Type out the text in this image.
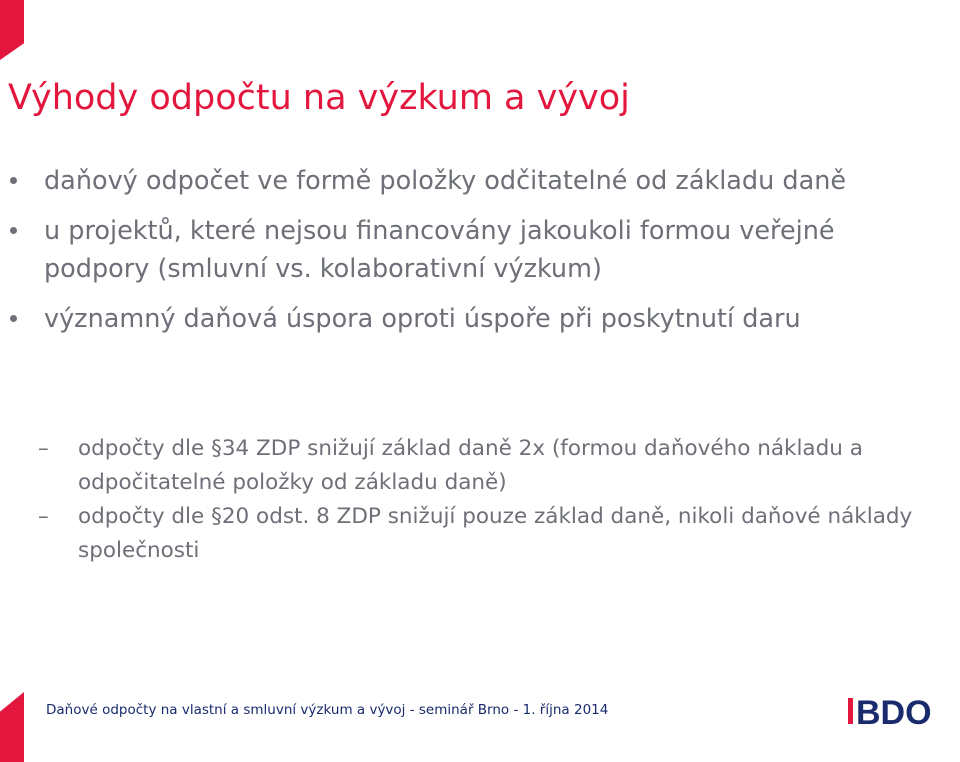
Výhody odpočtu na výzkum a vývoj
daňový odpočet ve formě položky odčitatelné od základu daně
u projektů, které nejsou financovány jakoukoli formou veřejné podpory (smluvní vs. kolaborativní výzkum)
významný daňová úspora oproti úspoře při poskytnutí daru
– odpočty dle §34 ZDP snižují základ daně 2x (formou daňového nákladu a odpočitatelné položky od základu daně)
– odpočty dle §20 odst. 8 ZDP snižují pouze základ daně, nikoli daňové náklady společnosti
Daňové odpočty na vlastní a smluvní výzkum a vývoj - seminář Brno - 1. října 2014	BDO
